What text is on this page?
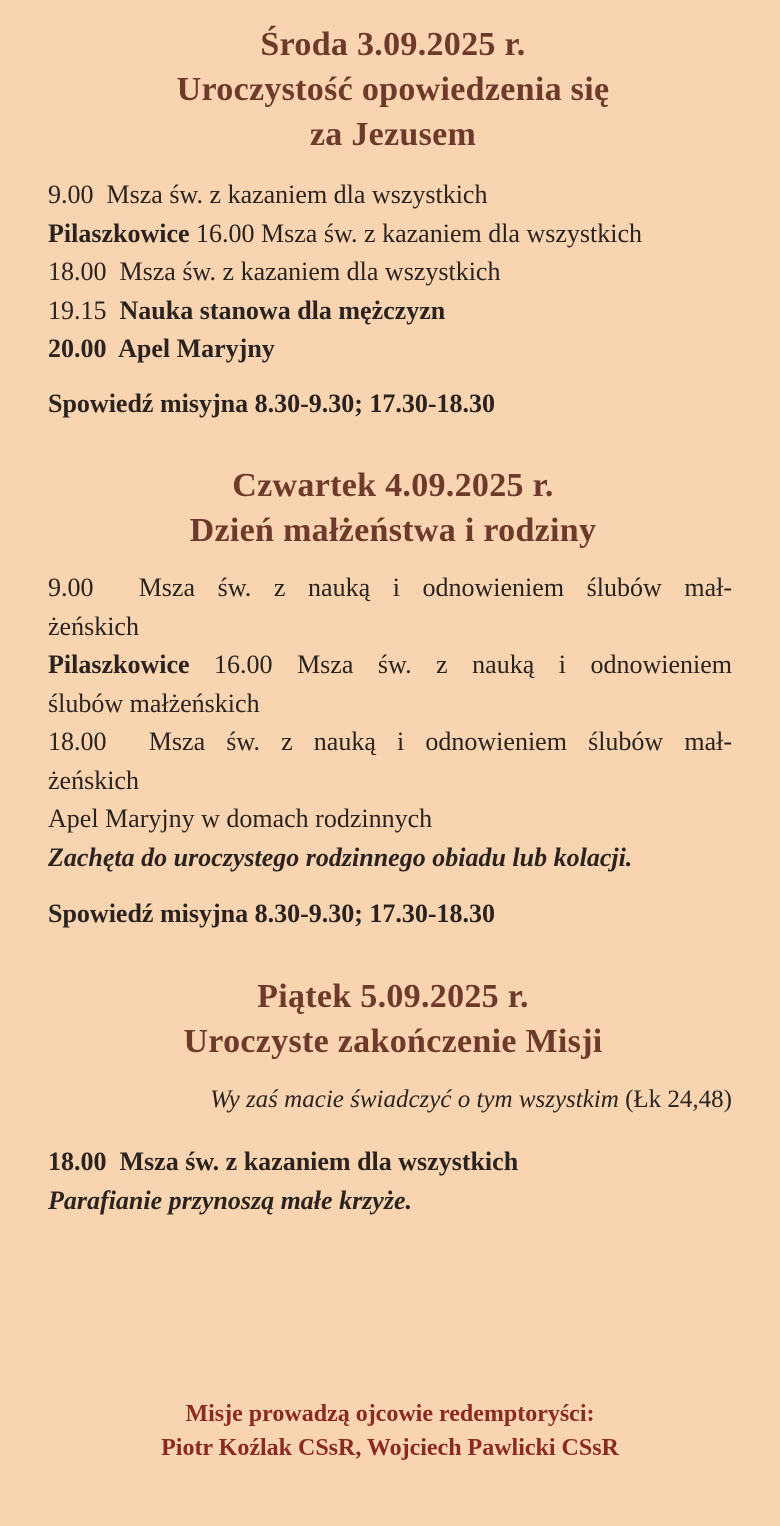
Środa 3.09.2025 r.
Uroczystość opowiedzenia się
za Jezusem
9.00 Msza św. z kazaniem dla wszystkich
Pilaszkowice 16.00 Msza św. z kazaniem dla wszystkich
18.00 Msza św. z kazaniem dla wszystkich
19.15 Nauka stanowa dla mężczyzn
20.00 Apel Maryjny
Spowiedź misyjna 8.30-9.30; 17.30-18.30
Czwartek 4.09.2025 r.
Dzień małżeństwa i rodziny
9.00 Msza św. z nauką i odnowieniem ślubów mał-
żeńskich
Pilaszkowice 16.00 Msza św. z nauką i odnowieniem
ślubów małżeńskich
18.00 Msza św. z nauką i odnowieniem ślubów mał-
żeńskich
Apel Maryjny w domach rodzinnych
Zachęta do uroczystego rodzinnego obiadu lub kolacji.
Spowiedź misyjna 8.30-9.30; 17.30-18.30
Piątek 5.09.2025 r.
Uroczyste zakończenie Misji
Wy zaś macie świadczyć o tym wszystkim (Łk 24,48)
18.00 Msza św. z kazaniem dla wszystkich
Parafianie przynoszą małe krzyże.
Misje prowadzą ojcowie redemptoryści:
Piotr Koźlak CSsR, Wojciech Pawlicki CSsR
